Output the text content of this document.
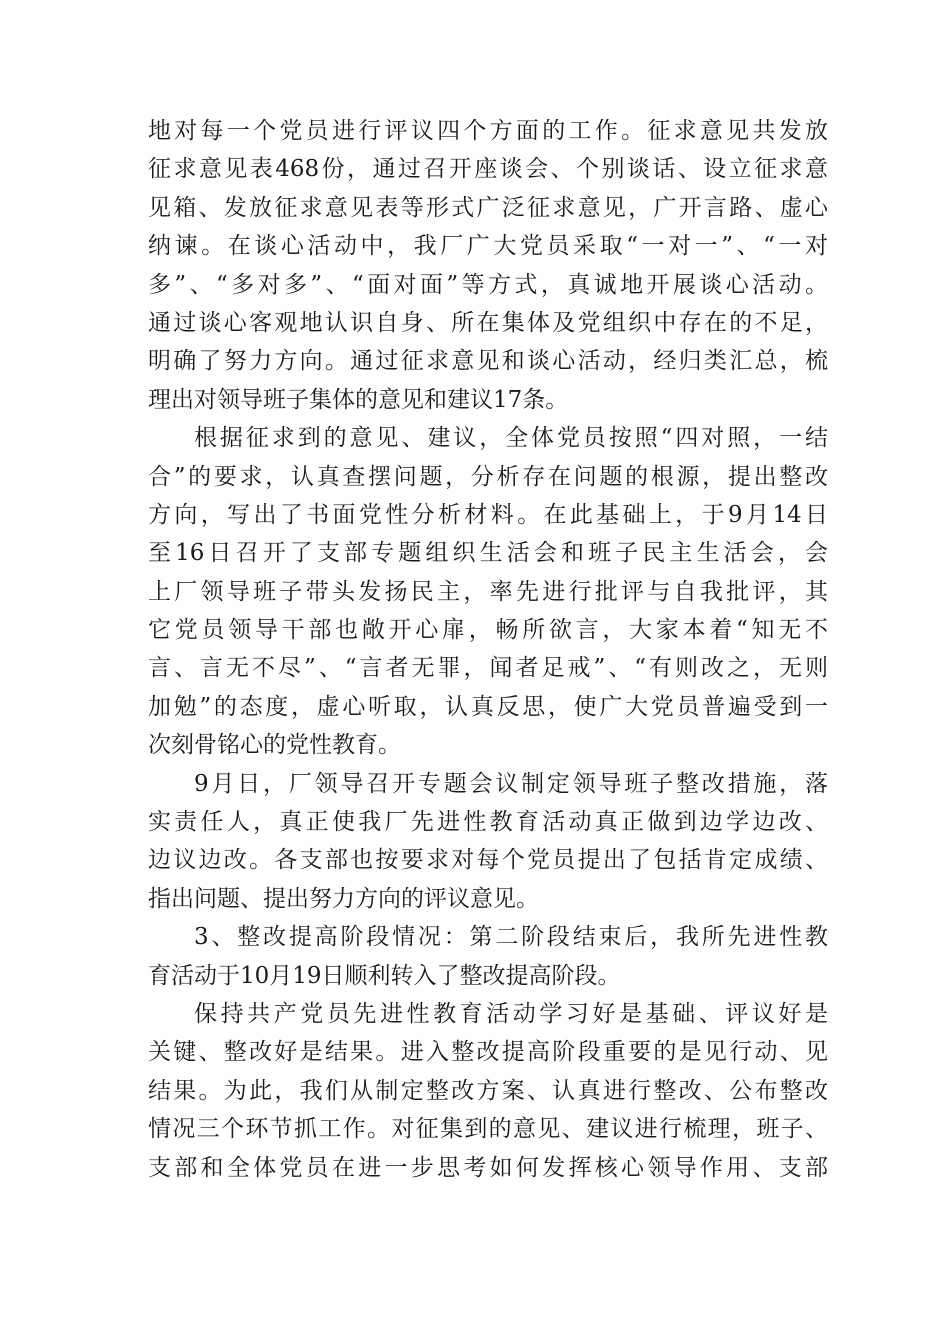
地对每一个党员进行评议四个方面的工作。征求意见共发放
征求意见表468份，通过召开座谈会、个别谈话、设立征求意
见箱、发放征求意见表等形式广泛征求意见，广开言路、虚心
纳谏。在谈心活动中，我厂广大党员采取“一对一”、“一对
多”、“多对多”、“面对面”等方式，真诚地开展谈心活动。
通过谈心客观地认识自身、所在集体及党组织中存在的不足，
明确了努力方向。通过征求意见和谈心活动，经归类汇总，梳
理出对领导班子集体的意见和建议17条。
根据征求到的意见、建议，全体党员按照“四对照，一结
合”的要求，认真查摆问题，分析存在问题的根源，提出整改
方向，写出了书面党性分析材料。在此基础上，于9月14日
至16日召开了支部专题组织生活会和班子民主生活会，会
上厂领导班子带头发扬民主，率先进行批评与自我批评，其
它党员领导干部也敞开心扉，畅所欲言，大家本着“知无不
言、言无不尽”、“言者无罪，闻者足戒”、“有则改之，无则
加勉”的态度，虚心听取，认真反思，使广大党员普遍受到一
次刻骨铭心的党性教育。
9月日，厂领导召开专题会议制定领导班子整改措施，落
实责任人，真正使我厂先进性教育活动真正做到边学边改、
边议边改。各支部也按要求对每个党员提出了包括肯定成绩、
指出问题、提出努力方向的评议意见。
3、整改提高阶段情况：第二阶段结束后，我所先进性教
育活动于10月19日顺利转入了整改提高阶段。
保持共产党员先进性教育活动学习好是基础、评议好是
关键、整改好是结果。进入整改提高阶段重要的是见行动、见
结果。为此，我们从制定整改方案、认真进行整改、公布整改
情况三个环节抓工作。对征集到的意见、建议进行梳理，班子、
支部和全体党员在进一步思考如何发挥核心领导作用、支部
